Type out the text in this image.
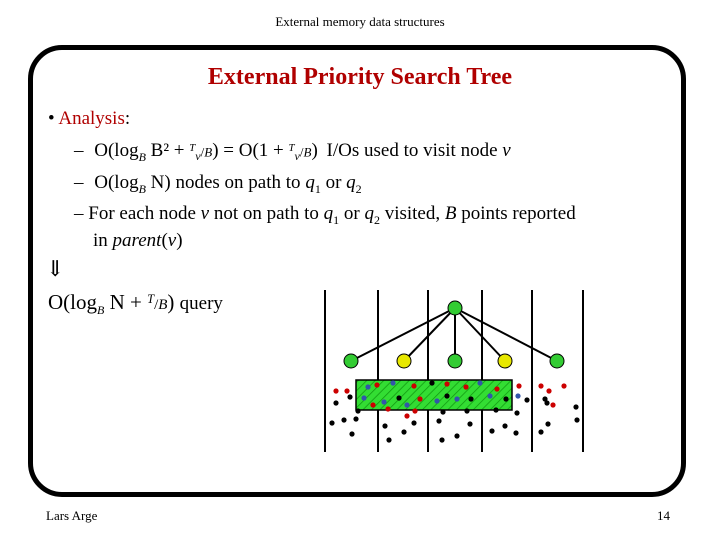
External memory data structures
External Priority Search Tree
• Analysis:
– $O(\log_B$ B² + $^T_v$/B) = O(1 + $^T_v$/B) I/Os used to visit node v
– $O(\log_B$ N) nodes on path to $q_1$ or $q_2$
– For each node v not on path to $q_1$ or $q_2$ visited, B points reported
in parent(v)
⇓
$O(\log_B$ N + $^T$/B) query
Lars Arge	14
